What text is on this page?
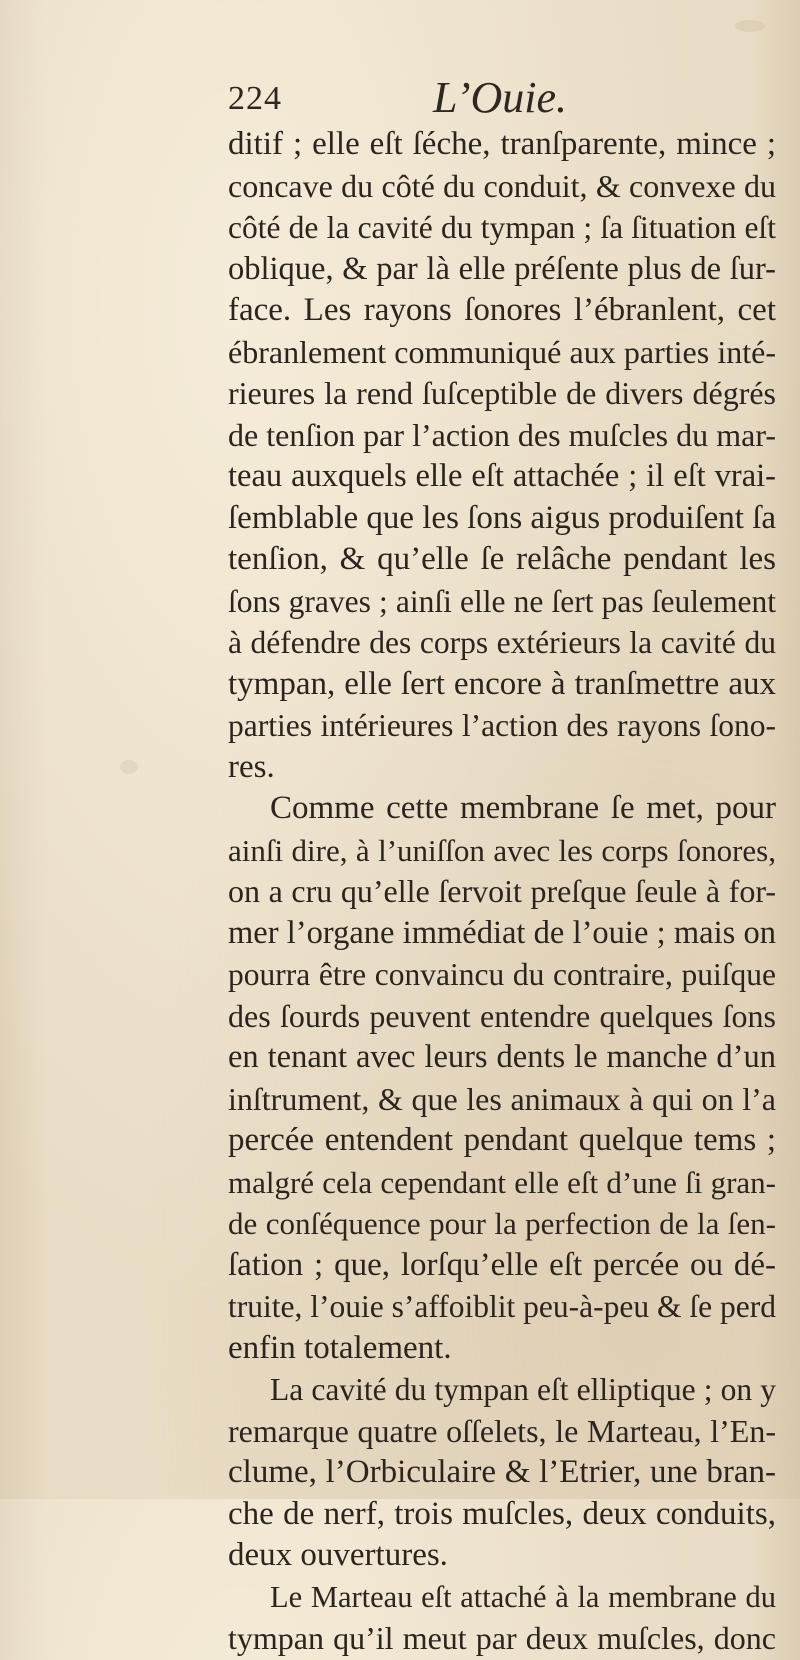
224	L’Ouie.
ditif ; elle eſt ſéche, tranſparente, mince ;
concave du côté du conduit, & convexe du
côté de la cavité du tympan ; ſa ſituation eſt
oblique, & par là elle préſente plus de ſur-
face. Les rayons ſonores l’ébranlent, cet
ébranlement communiqué aux parties inté-
rieures la rend ſuſceptible de divers dégrés
de tenſion par l’action des muſcles du mar-
teau auxquels elle eſt attachée ; il eſt vrai-
ſemblable que les ſons aigus produiſent ſa
tenſion, & qu’elle ſe relâche pendant les
ſons graves ; ainſi elle ne ſert pas ſeulement
à défendre des corps extérieurs la cavité du
tympan, elle ſert encore à tranſmettre aux
parties intérieures l’action des rayons ſono-
res.
Comme cette membrane ſe met, pour
ainſi dire, à l’uniſſon avec les corps ſonores,
on a cru qu’elle ſervoit preſque ſeule à for-
mer l’organe immédiat de l’ouie ; mais on
pourra être convaincu du contraire, puiſque
des ſourds peuvent entendre quelques ſons
en tenant avec leurs dents le manche d’un
inſtrument, & que les animaux à qui on l’a
percée entendent pendant quelque tems ;
malgré cela cependant elle eſt d’une ſi gran-
de conſéquence pour la perfection de la ſen-
ſation ; que, lorſqu’elle eſt percée ou dé-
truite, l’ouie s’affoiblit peu-à-peu & ſe perd
enfin totalement.
La cavité du tympan eſt elliptique ; on y
remarque quatre oſſelets, le Marteau, l’En-
clume, l’Orbiculaire & l’Etrier, une bran-
che de nerf, trois muſcles, deux conduits,
deux ouvertures.
Le Marteau eſt attaché à la membrane du
tympan qu’il meut par deux muſcles, donc
